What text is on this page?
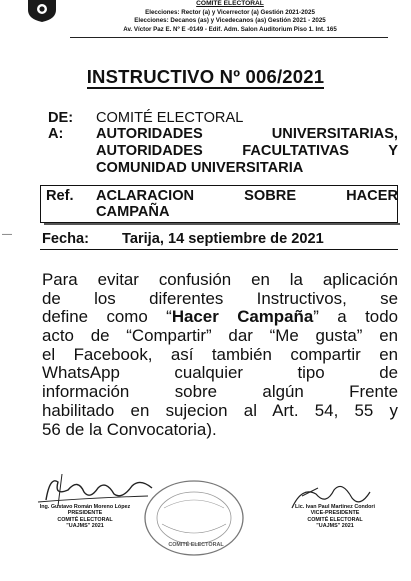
COMITÉ ELECTORAL
Elecciones: Rector (a) y Vicerrector (a) Gestión 2021-2025
Elecciones: Decanos (as) y Vicedecanos (as) Gestión 2021 - 2025
Av. Víctor Paz E. Nº E -0149 - Edif. Adm. Salon Auditorium Piso 1. Int. 165
INSTRUCTIVO Nº 006/2021
DE: COMITÉ ELECTORAL
A: AUTORIDADES UNIVERSITARIAS,
AUTORIDADES FACULTATIVAS Y
COMUNIDAD UNIVERSITARIA
Ref. ACLARACION SOBRE HACER
CAMPAÑA
— Fecha: Tarija, 14 septiembre de 2021
Para evitar confusión en la aplicación
de los diferentes Instructivos, se
define como “Hacer Campaña” a todo
acto de “Compartir” dar “Me gusta” en
el Facebook, así también compartir en
WhatsApp cualquier tipo de
información sobre algún Frente
habilitado en sujecion al Art. 54, 55 y
56 de la Convocatoria).
Ing. Gustavo Román Moreno López
PRESIDENTE
COMITÉ ELECTORAL
"UAJMS" 2021
COMITÉ ELECTORAL
Lic. Ivan Paul Martinez Condori
VICE-PRESIDENTE
COMITÉ ELECTORAL
"UAJMS" 2021
